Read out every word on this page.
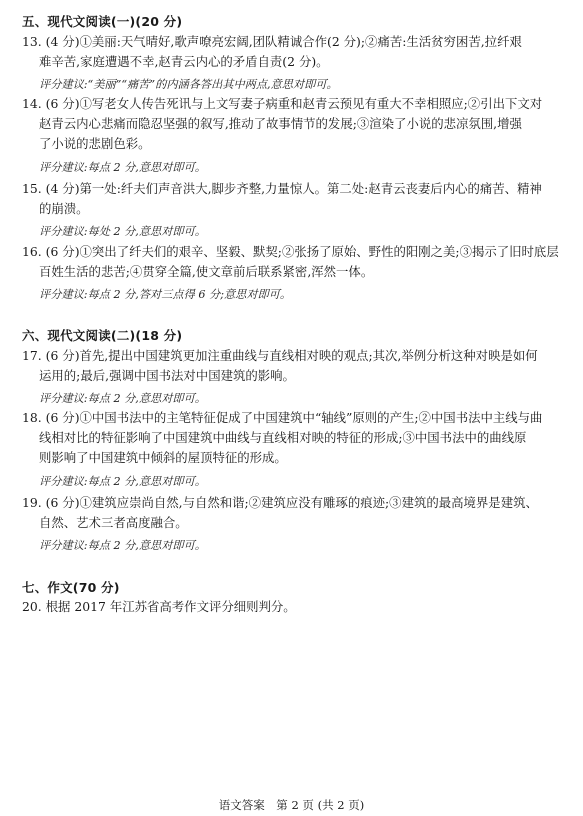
五、现代文阅读(一)(20 分)
13. (4 分)①美丽:天气晴好,歌声嘹亮宏阔,团队精诚合作(2 分);②痛苦:生活贫穷困苦,拉纤艰
难辛苦,家庭遭遇不幸,赵青云内心的矛盾自责(2 分)。
评分建议:“美丽”“痛苦”的内涵各答出其中两点,意思对即可。
14. (6 分)①写老女人传告死讯与上文写妻子病重和赵青云预见有重大不幸相照应;②引出下文对
赵青云内心悲痛而隐忍坚强的叙写,推动了故事情节的发展;③渲染了小说的悲凉氛围,增强
了小说的悲剧色彩。
评分建议:每点 2 分,意思对即可。
15. (4 分)第一处:纤夫们声音洪大,脚步齐整,力量惊人。第二处:赵青云丧妻后内心的痛苦、精神
的崩溃。
评分建议:每处 2 分,意思对即可。
16. (6 分)①突出了纤夫们的艰辛、坚毅、默契;②张扬了原始、野性的阳刚之美;③揭示了旧时底层
百姓生活的悲苦;④贯穿全篇,使文章前后联系紧密,浑然一体。
评分建议:每点 2 分,答对三点得 6 分;意思对即可。
六、现代文阅读(二)(18 分)
17. (6 分)首先,提出中国建筑更加注重曲线与直线相对映的观点;其次,举例分析这种对映是如何
运用的;最后,强调中国书法对中国建筑的影响。
评分建议:每点 2 分,意思对即可。
18. (6 分)①中国书法中的主笔特征促成了中国建筑中“轴线”原则的产生;②中国书法中主线与曲
线相对比的特征影响了中国建筑中曲线与直线相对映的特征的形成;③中国书法中的曲线原
则影响了中国建筑中倾斜的屋顶特征的形成。
评分建议:每点 2 分,意思对即可。
19. (6 分)①建筑应崇尚自然,与自然和谐;②建筑应没有雕琢的痕迹;③建筑的最高境界是建筑、
自然、艺术三者高度融合。
评分建议:每点 2 分,意思对即可。
七、作文(70 分)
20. 根据 2017 年江苏省高考作文评分细则判分。
语文答案　第 2 页 (共 2 页)
